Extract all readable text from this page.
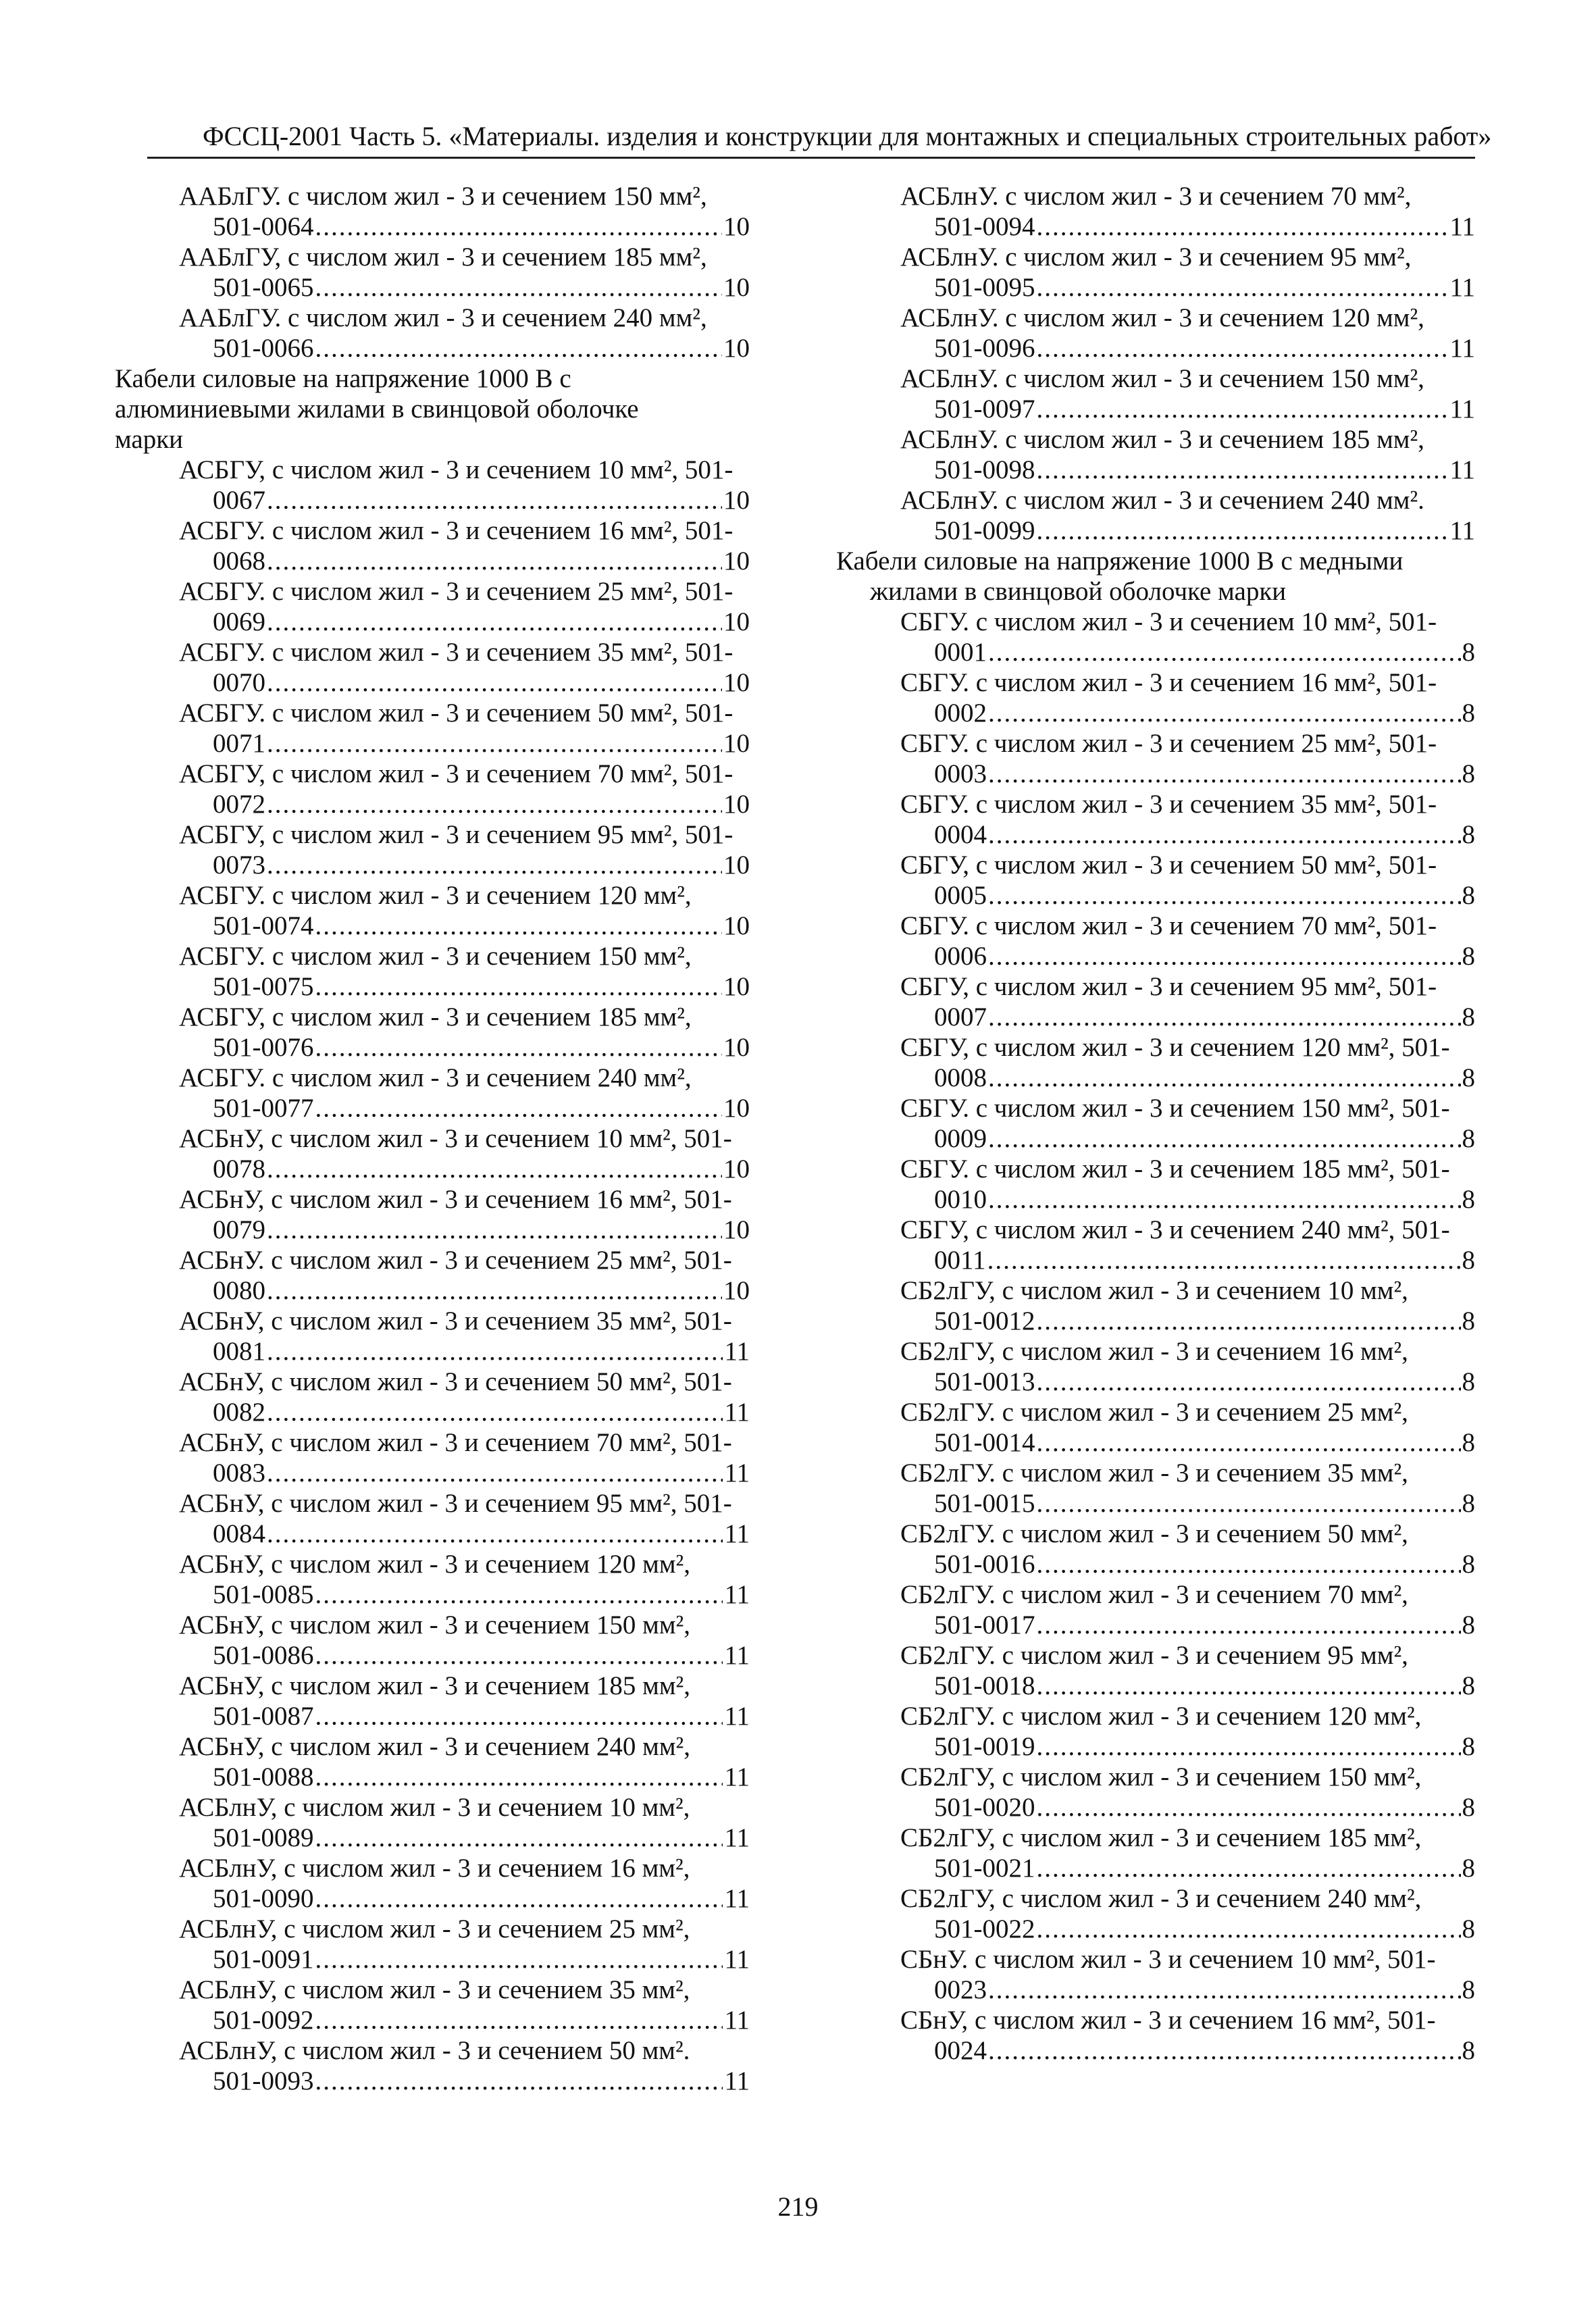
ФССЦ-2001 Часть 5. «Материалы. изделия и конструкции для монтажных и специальных строительных работ»
ААБлГУ. с числом жил - 3 и сечением 150 мм²,
501-0064 .....	10
ААБлГУ, с числом жил - 3 и сечением 185 мм²,
501-0065 .....	10
ААБлГУ. с числом жил - 3 и сечением 240 мм²,
501-0066 .....	10
Кабели силовые на напряжение 1000 В с
алюминиевыми жилами в свинцовой оболочке
марки
АСБГУ, с числом жил - 3 и сечением 10 мм², 501-
0067 .....	10
АСБГУ. с числом жил - 3 и сечением 16 мм², 501-
0068 .....	10
АСБГУ. с числом жил - 3 и сечением 25 мм², 501-
0069 .....	10
АСБГУ. с числом жил - 3 и сечением 35 мм², 501-
0070 .....	10
АСБГУ. с числом жил - 3 и сечением 50 мм², 501-
0071 .....	10
АСБГУ, с числом жил - 3 и сечением 70 мм², 501-
0072 .....	10
АСБГУ, с числом жил - 3 и сечением 95 мм², 501-
0073 .....	10
АСБГУ. с числом жил - 3 и сечением 120 мм²,
501-0074 .....	10
АСБГУ. с числом жил - 3 и сечением 150 мм²,
501-0075 .....	10
АСБГУ, с числом жил - 3 и сечением 185 мм²,
501-0076 .....	10
АСБГУ. с числом жил - 3 и сечением 240 мм²,
501-0077 .....	10
АСБнУ, с числом жил - 3 и сечением 10 мм², 501-
0078 .....	10
АСБнУ, с числом жил - 3 и сечением 16 мм², 501-
0079 .....	10
АСБнУ. с числом жил - 3 и сечением 25 мм², 501-
0080 .....	10
АСБнУ, с числом жил - 3 и сечением 35 мм², 501-
0081 .....	11
АСБнУ, с числом жил - 3 и сечением 50 мм², 501-
0082 .....	11
АСБнУ, с числом жил - 3 и сечением 70 мм², 501-
0083 .....	11
АСБнУ, с числом жил - 3 и сечением 95 мм², 501-
0084 .....	11
АСБнУ, с числом жил - 3 и сечением 120 мм²,
501-0085 .....	11
АСБнУ, с числом жил - 3 и сечением 150 мм²,
501-0086 .....	11
АСБнУ, с числом жил - 3 и сечением 185 мм²,
501-0087 .....	11
АСБнУ, с числом жил - 3 и сечением 240 мм²,
501-0088 .....	11
АСБлнУ, с числом жил - 3 и сечением 10 мм²,
501-0089 .....	11
АСБлнУ, с числом жил - 3 и сечением 16 мм²,
501-0090 .....	11
АСБлнУ, с числом жил - 3 и сечением 25 мм²,
501-0091 .....	11
АСБлнУ, с числом жил - 3 и сечением 35 мм²,
501-0092 .....	11
АСБлнУ, с числом жил - 3 и сечением 50 мм².
501-0093 .....	11
АСБлнУ. с числом жил - 3 и сечением 70 мм²,
501-0094 .....	11
АСБлнУ. с числом жил - 3 и сечением 95 мм²,
501-0095 .....	11
АСБлнУ. с числом жил - 3 и сечением 120 мм²,
501-0096 .....	11
АСБлнУ. с числом жил - 3 и сечением 150 мм²,
501-0097 .....	11
АСБлнУ. с числом жил - 3 и сечением 185 мм²,
501-0098 .....	11
АСБлнУ. с числом жил - 3 и сечением 240 мм².
501-0099 .....	11
Кабели силовые на напряжение 1000 В с медными
жилами в свинцовой оболочке марки
СБГУ. с числом жил - 3 и сечением 10 мм², 501-
0001 .....	8
СБГУ. с числом жил - 3 и сечением 16 мм², 501-
0002 .....	8
СБГУ. с числом жил - 3 и сечением 25 мм², 501-
0003 .....	8
СБГУ. с числом жил - 3 и сечением 35 мм², 501-
0004 .....	8
СБГУ, с числом жил - 3 и сечением 50 мм², 501-
0005 .....	8
СБГУ. с числом жил - 3 и сечением 70 мм², 501-
0006 .....	8
СБГУ, с числом жил - 3 и сечением 95 мм², 501-
0007 .....	8
СБГУ, с числом жил - 3 и сечением 120 мм², 501-
0008 .....	8
СБГУ. с числом жил - 3 и сечением 150 мм², 501-
0009 .....	8
СБГУ. с числом жил - 3 и сечением 185 мм², 501-
0010 .....	8
СБГУ, с числом жил - 3 и сечением 240 мм², 501-
0011 .....	8
СБ2лГУ, с числом жил - 3 и сечением 10 мм²,
501-0012 .....	8
СБ2лГУ, с числом жил - 3 и сечением 16 мм²,
501-0013 .....	8
СБ2лГУ. с числом жил - 3 и сечением 25 мм²,
501-0014 .....	8
СБ2лГУ. с числом жил - 3 и сечением 35 мм²,
501-0015 .....	8
СБ2лГУ. с числом жил - 3 и сечением 50 мм²,
501-0016 .....	8
СБ2лГУ. с числом жил - 3 и сечением 70 мм²,
501-0017 .....	8
СБ2лГУ. с числом жил - 3 и сечением 95 мм²,
501-0018 .....	8
СБ2лГУ. с числом жил - 3 и сечением 120 мм²,
501-0019 .....	8
СБ2лГУ, с числом жил - 3 и сечением 150 мм²,
501-0020 .....	8
СБ2лГУ, с числом жил - 3 и сечением 185 мм²,
501-0021 .....	8
СБ2лГУ, с числом жил - 3 и сечением 240 мм²,
501-0022 .....	8
СБнУ. с числом жил - 3 и сечением 10 мм², 501-
0023 .....	8
СБнУ, с числом жил - 3 и сечением 16 мм², 501-
0024 .....	8
219
